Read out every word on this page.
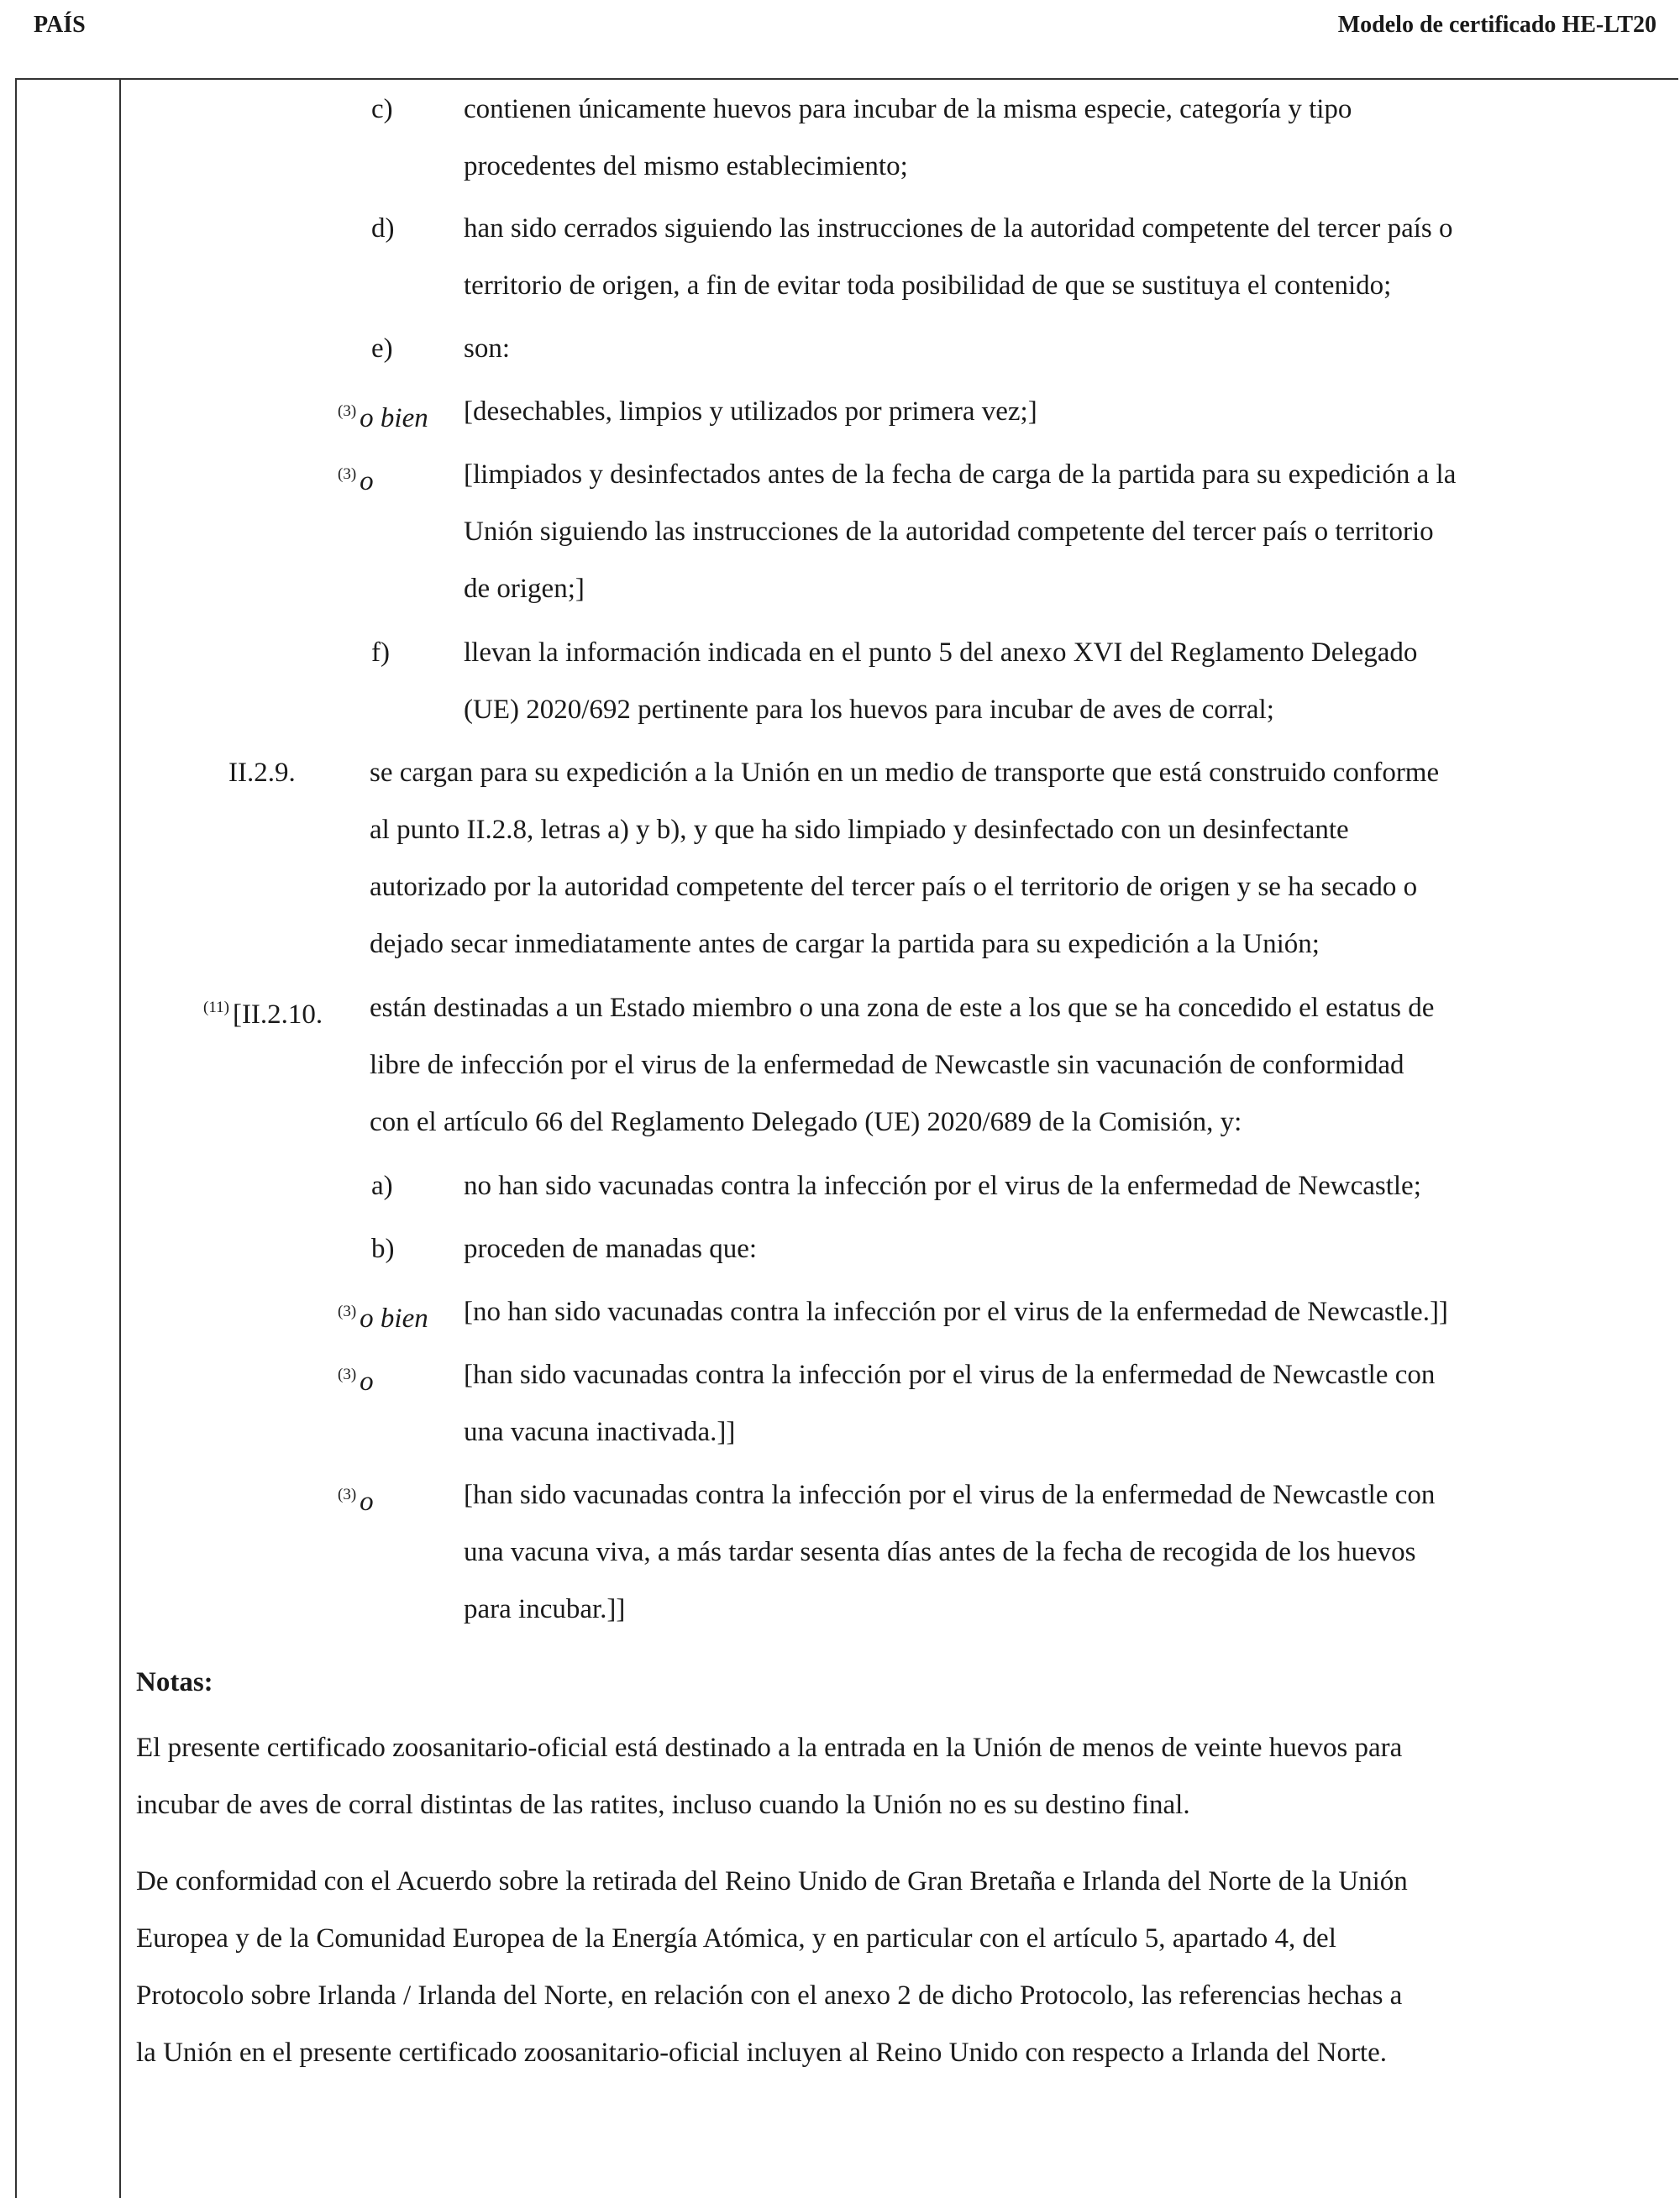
PAÍS	Modelo de certificado HE-LT20
c)	contienen únicamente huevos para incubar de la misma especie, categoría y tipo
procedentes del mismo establecimiento;
d)	han sido cerrados siguiendo las instrucciones de la autoridad competente del tercer país o
territorio de origen, a fin de evitar toda posibilidad de que se sustituya el contenido;
e)	son:
$^{(3)}$ o bien [desechables, limpios y utilizados por primera vez;]
$^{(3)}$ o	[limpiados y desinfectados antes de la fecha de carga de la partida para su expedición a la
Unión siguiendo las instrucciones de la autoridad competente del tercer país o territorio
de origen;]
f)	llevan la información indicada en el punto 5 del anexo XVI del Reglamento Delegado
(UE) 2020/692 pertinente para los huevos para incubar de aves de corral;
II.2.9.	se cargan para su expedición a la Unión en un medio de transporte que está construido conforme
al punto II.2.8, letras a) y b), y que ha sido limpiado y desinfectado con un desinfectante
autorizado por la autoridad competente del tercer país o el territorio de origen y se ha secado o
dejado secar inmediatamente antes de cargar la partida para su expedición a la Unión;
$^{(11)}$ [II.2.10. están destinadas a un Estado miembro o una zona de este a los que se ha concedido el estatus de
libre de infección por el virus de la enfermedad de Newcastle sin vacunación de conformidad
con el artículo 66 del Reglamento Delegado (UE) 2020/689 de la Comisión, y:
a)	no han sido vacunadas contra la infección por el virus de la enfermedad de Newcastle;
b)	proceden de manadas que:
$^{(3)}$ o bien [no han sido vacunadas contra la infección por el virus de la enfermedad de Newcastle.]]
$^{(3)}$ o	[han sido vacunadas contra la infección por el virus de la enfermedad de Newcastle con
una vacuna inactivada.]]
$^{(3)}$ o	[han sido vacunadas contra la infección por el virus de la enfermedad de Newcastle con
una vacuna viva, a más tardar sesenta días antes de la fecha de recogida de los huevos
para incubar.]]
Notas:
El presente certificado zoosanitario-oficial está destinado a la entrada en la Unión de menos de veinte huevos para
incubar de aves de corral distintas de las ratites, incluso cuando la Unión no es su destino final.
De conformidad con el Acuerdo sobre la retirada del Reino Unido de Gran Bretaña e Irlanda del Norte de la Unión
Europea y de la Comunidad Europea de la Energía Atómica, y en particular con el artículo 5, apartado 4, del
Protocolo sobre Irlanda / Irlanda del Norte, en relación con el anexo 2 de dicho Protocolo, las referencias hechas a
la Unión en el presente certificado zoosanitario-oficial incluyen al Reino Unido con respecto a Irlanda del Norte.
